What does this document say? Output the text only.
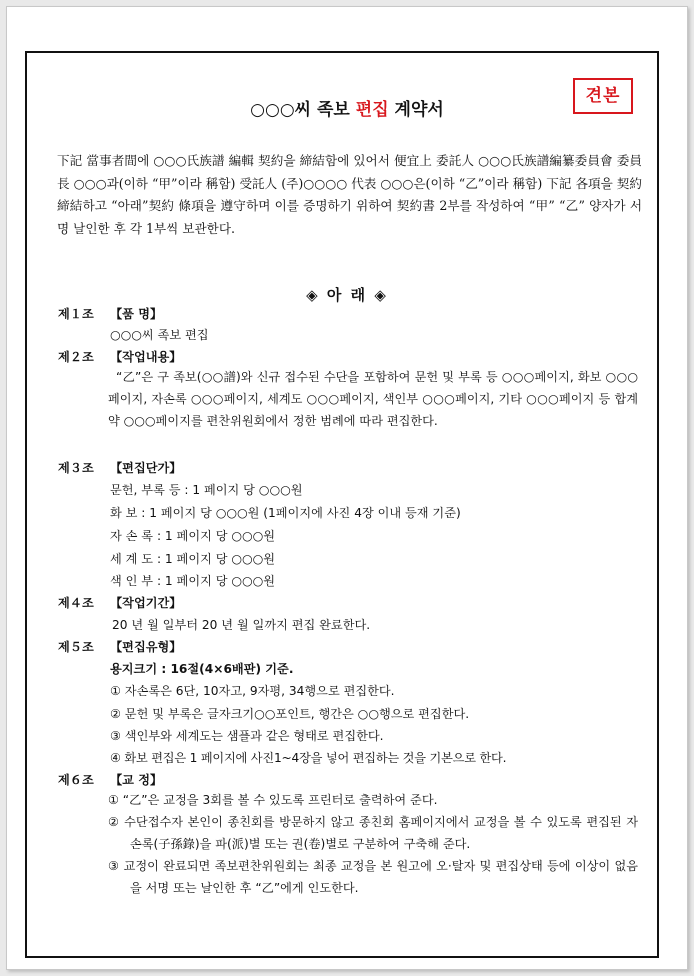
견본
○○○씨 족보 편집 계약서
下記 當事者間에 ○○○氏族譜 編輯 契約을 締結함에 있어서 便宜上 委託人 ○○○氏族譜編纂委員會 委員長 ○○○과(이하 “甲”이라 稱함) 受託人 (주)○○○○ 代表 ○○○은(이하 “乙”이라 稱함) 下記 各項을 契約 締結하고 “아래”契約 條項을 遵守하며 이를 증명하기 위하여 契約書 2부를 작성하여 “甲” “乙” 양자가 서명 날인한 후 각 1부씩 보관한다.
◈ 아 래 ◈
제１조 【품 명】
○○○씨 족보 편집
제２조 【작업내용】
“乙”은 구 족보(○○譜)와 신규 접수된 수단을 포함하여 문헌 및 부록 등 ○○○페이지, 화보 ○○○페이지, 자손록 ○○○페이지, 세계도 ○○○페이지, 색인부 ○○○페이지, 기타 ○○○페이지 등 합계 약 ○○○페이지를 편찬위원회에서 정한 범례에 따라 편집한다.
제３조 【편집단가】
문헌, 부록 등 : 1 페이지 당 ○○○원
화 보 : 1 페이지 당 ○○○원 (1페이지에 사진 4장 이내 등재 기준)
자 손 록 : 1 페이지 당 ○○○원
세 계 도 : 1 페이지 당 ○○○원
색 인 부 : 1 페이지 당 ○○○원
제４조 【작업기간】
20 년 월 일부터 20 년 월 일까지 편집 완료한다.
제５조 【편집유형】
용지크기 : 16절(4×6배판) 기준.
① 자손록은 6단, 10자고, 9자평, 34행으로 편집한다.
② 문헌 및 부록은 글자크기○○포인트, 행간은 ○○행으로 편집한다.
③ 색인부와 세계도는 샘플과 같은 형태로 편집한다.
④ 화보 편집은 1 페이지에 사진1~4장을 넣어 편집하는 것을 기본으로 한다.
제６조 【교 정】
① “乙”은 교정을 3회를 볼 수 있도록 프린터로 출력하여 준다.
② 수단접수자 본인이 종친회를 방문하지 않고 종친회 홈페이지에서 교정을 볼 수 있도록 편집된 자손록(子孫錄)을 파(派)별 또는 권(卷)별로 구분하여 구축해 준다.
③ 교정이 완료되면 족보편찬위원회는 최종 교정을 본 원고에 오·탈자 및 편집상태 등에 이상이 없음을 서명 또는 날인한 후 “乙”에게 인도한다.
